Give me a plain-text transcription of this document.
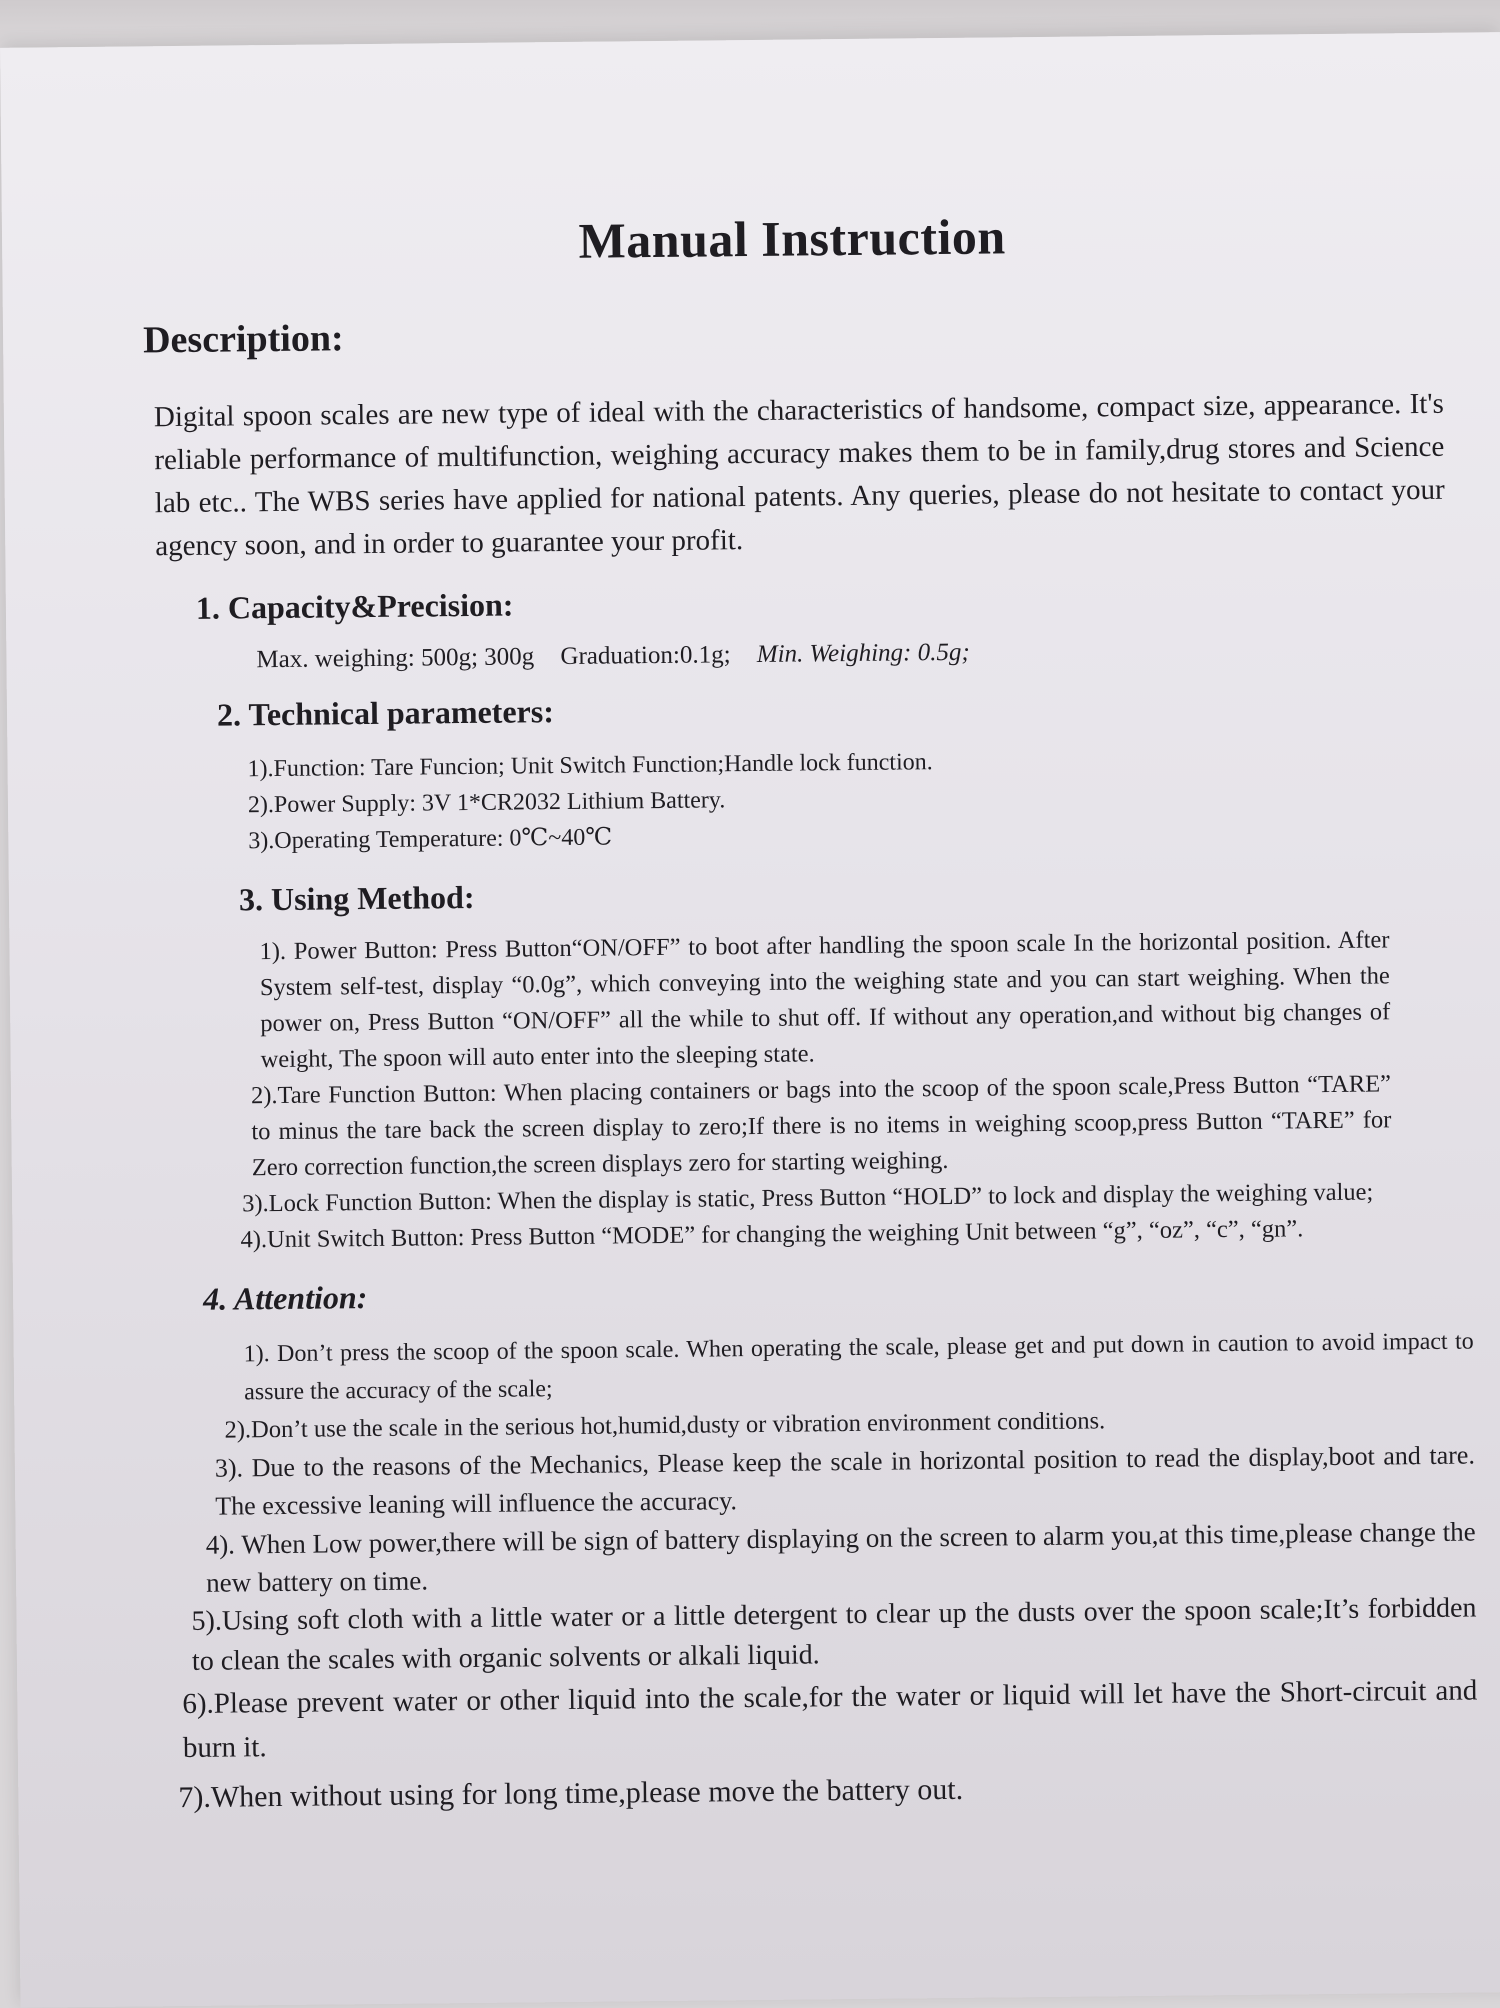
Manual Instruction

Description:
Digital spoon scales are new type of ideal with the characteristics of handsome, compact size, appearance. It's reliable performance of multifunction, weighing accuracy makes them to be in family,drug stores and Science lab etc.. The WBS series have applied for national patents. Any queries, please do not hesitate to contact your agency soon, and in order to guarantee your profit.
1. Capacity&Precision:
Max. weighing: 500g; 300g Graduation:0.1g; Min. Weighing: 0.5g;
2. Technical parameters:
1).Function: Tare Funcion; Unit Switch Function;Handle lock function.
2).Power Supply: 3V 1*CR2032 Lithium Battery.
3).Operating Temperature: 0℃~40℃
3. Using Method:

1). Power Button: Press Button“ON/OFF” to boot after handling the spoon scale In the horizontal position. After System self-test, display “0.0g”, which conveying into the weighing state and you can start weighing. When the power on, Press Button “ON/OFF” all the while to shut off. If without any operation,and without big changes of weight, The spoon will auto enter into the sleeping state.

2).Tare Function Button: When placing containers or bags into the scoop of the spoon scale,Press Button “TARE” to minus the tare back the screen display to zero;If there is no items in weighing scoop,press Button “TARE” for Zero correction function,the screen displays zero for starting weighing.

3).Lock Function Button: When the display is static, Press Button “HOLD” to lock and display the weighing value;

4).Unit Switch Button: Press Button “MODE” for changing the weighing Unit between “g”, “oz”, “c”, “gn”.

4. Attention:

1). Don’t press the scoop of the spoon scale. When operating the scale, please get and put down in caution to avoid impact to assure the accuracy of the scale;

2).Don’t use the scale in the serious hot,humid,dusty or vibration environment conditions.

3). Due to the reasons of the Mechanics, Please keep the scale in horizontal position to read the display,boot and tare. The excessive leaning will influence the accuracy.

4). When Low power,there will be sign of battery displaying on the screen to alarm you,at this time,please change the new battery on time.

5).Using soft cloth with a little water or a little detergent to clear up the dusts over the spoon scale;It’s forbidden to clean the scales with organic solvents or alkali liquid.

6).Please prevent water or other liquid into the scale,for the water or liquid will let have the Short-circuit and burn it.

7).When without using for long time,please move the battery out.
